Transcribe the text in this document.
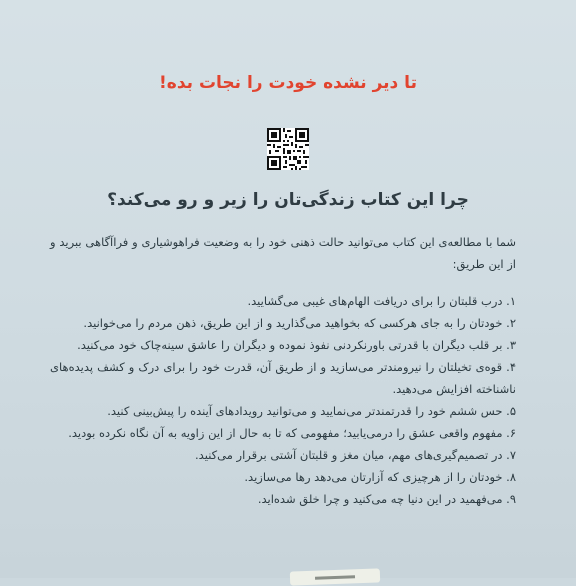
تا دیر نشده خودت را نجات بده!
چرا این کتاب زندگی‌تان را زیر و رو می‌کند؟
شما با مطالعه‌ی این کتاب می‌توانید حالت ذهنی خود را به وضعیت فراهوشیاری و فراآگاهی ببرید و از این طریق:
۱. درب قلبتان را برای دریافت الهام‌های غیبی می‌گشایید.
۲. خودتان را به جای هرکسی که بخواهید می‌گذارید و از این طریق، ذهن مردم را می‌خوانید.
۳. بر قلب دیگران با قدرتی باورنکردنی نفوذ نموده و دیگران را عاشق سینه‌چاک خود می‌کنید.
۴. قوه‌ی تخیلتان را نیرومندتر می‌سازید و از طریق آن، قدرت خود را برای درک و کشف پدیده‌های ناشناخته افزایش می‌دهید.
۵. حس ششم خود را قدرتمندتر می‌نمایید و می‌توانید رویدادهای آینده را پیش‌بینی کنید.
۶. مفهوم واقعی عشق را درمی‌یابید؛ مفهومی که تا به حال از این زاویه به آن نگاه نکرده بودید.
۷. در تصمیم‌گیری‌های مهم، میان مغز و قلبتان آشتی برقرار می‌کنید.
۸. خودتان را از هرچیزی که آزارتان می‌دهد رها می‌سازید.
۹. می‌فهمید در این دنیا چه می‌کنید و چرا خلق شده‌اید.
